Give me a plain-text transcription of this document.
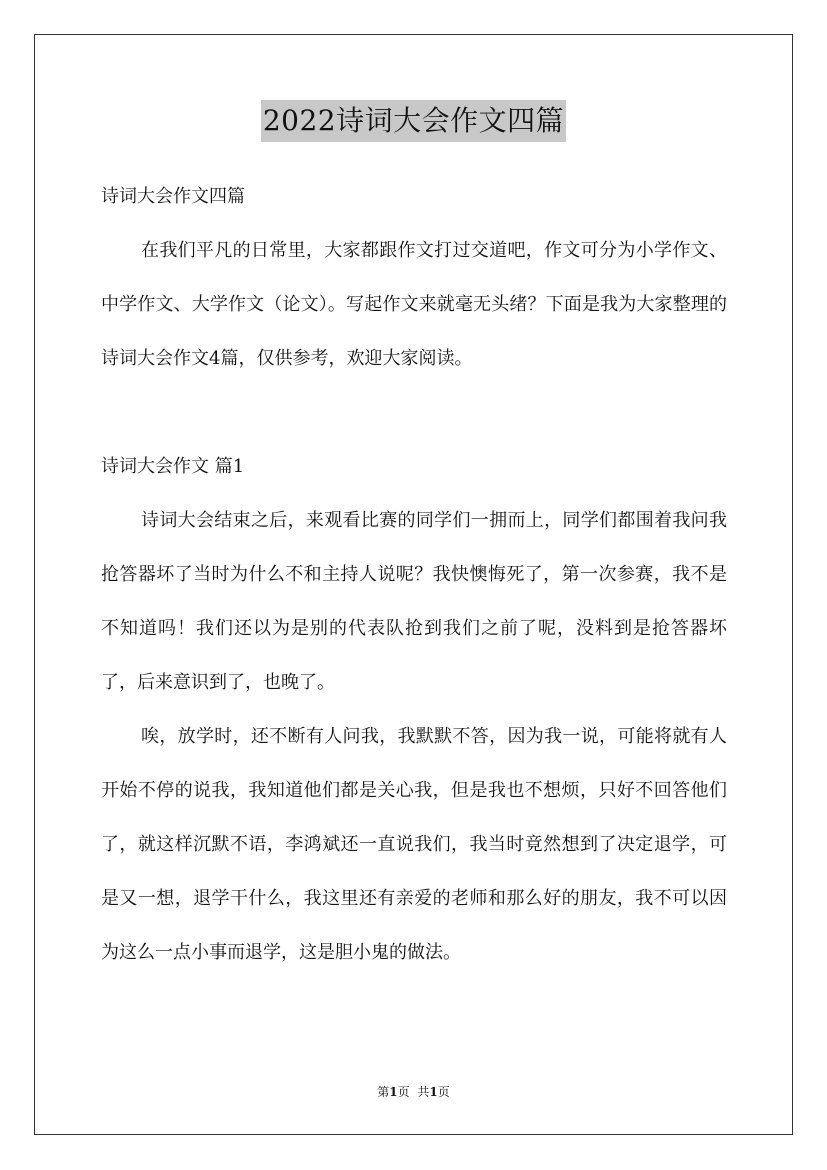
2022诗词大会作文四篇

诗词大会作文四篇

在我们平凡的日常里，大家都跟作文打过交道吧，作文可分为小学作文、中学作文、大学作文（论文）。写起作文来就毫无头绪？下面是我为大家整理的诗词大会作文4篇，仅供参考，欢迎大家阅读。

诗词大会作文 篇1

诗词大会结束之后，来观看比赛的同学们一拥而上，同学们都围着我问我抢答器坏了当时为什么不和主持人说呢？我快懊悔死了，第一次参赛，我不是不知道吗！我们还以为是别的代表队抢到我们之前了呢，没料到是抢答器坏了，后来意识到了，也晚了。

唉，放学时，还不断有人问我，我默默不答，因为我一说，可能将就有人开始不停的说我，我知道他们都是关心我，但是我也不想烦，只好不回答他们了，就这样沉默不语，李鸿斌还一直说我们，我当时竟然想到了决定退学，可是又一想，退学干什么，我这里还有亲爱的老师和那么好的朋友，我不可以因为这么一点小事而退学，这是胆小鬼的做法。

第1页 共1页
